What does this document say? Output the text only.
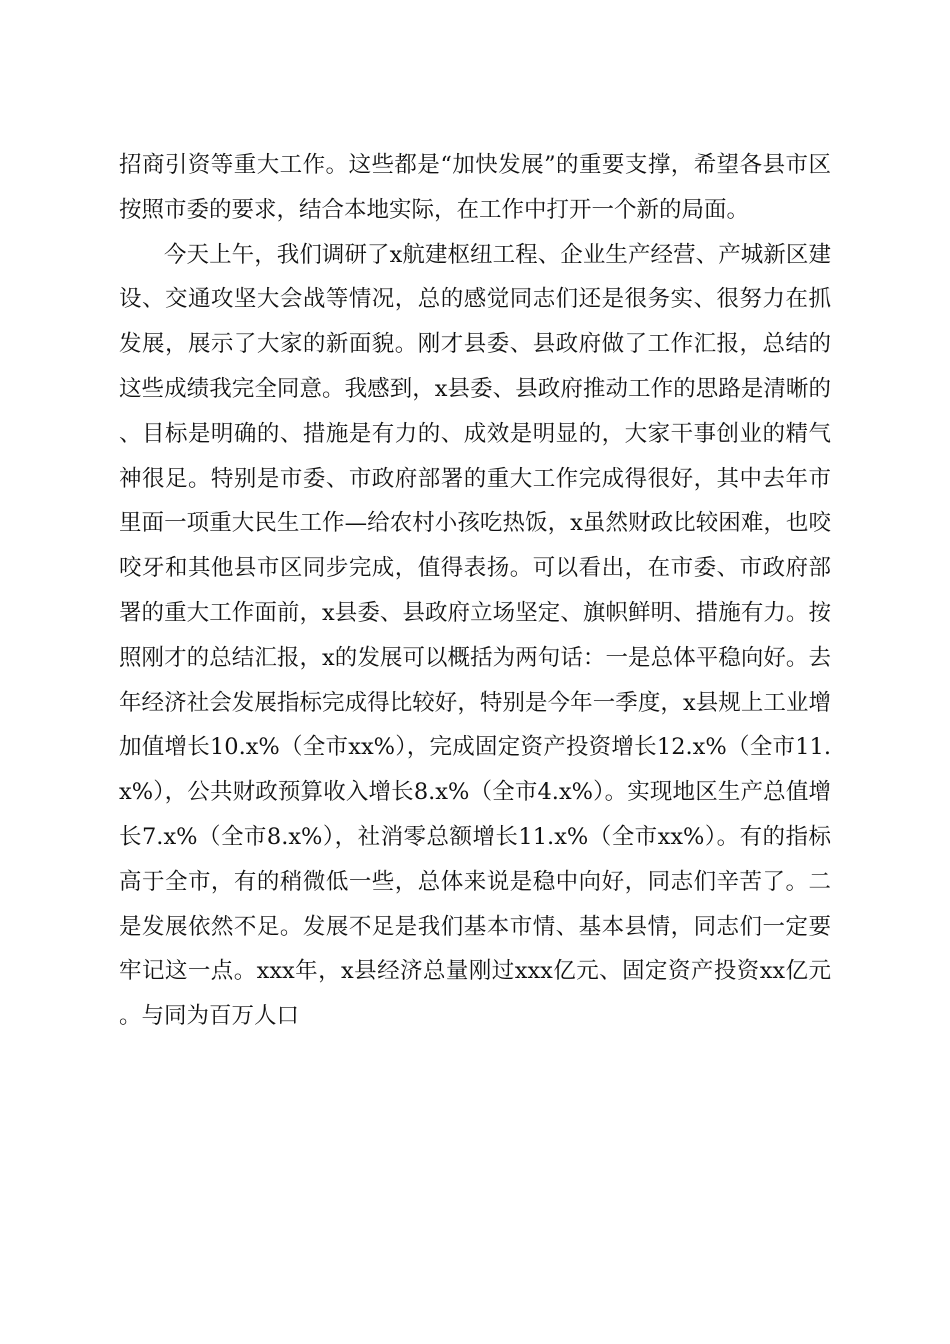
招商引资等重大工作。这些都是“加快发展”的重要支撑，希望各县市区按照市委的要求，结合本地实际，在工作中打开一个新的局面。

今天上午，我们调研了x航建枢纽工程、企业生产经营、产城新区建设、交通攻坚大会战等情况，总的感觉同志们还是很务实、很努力在抓发展，展示了大家的新面貌。刚才县委、县政府做了工作汇报，总结的这些成绩我完全同意。我感到，x县委、县政府推动工作的思路是清晰的、目标是明确的、措施是有力的、成效是明显的，大家干事创业的精气神很足。特别是市委、市政府部署的重大工作完成得很好，其中去年市里面一项重大民生工作—给农村小孩吃热饭，x虽然财政比较困难，也咬咬牙和其他县市区同步完成，值得表扬。可以看出，在市委、市政府部署的重大工作面前，x县委、县政府立场坚定、旗帜鲜明、措施有力。按照刚才的总结汇报，x的发展可以概括为两句话：一是总体平稳向好。去年经济社会发展指标完成得比较好，特别是今年一季度，x县规上工业增加值增长10.x%（全市xx%），完成固定资产投资增长12.x%（全市11.x%），公共财政预算收入增长8.x%（全市4.x%）。实现地区生产总值增长7.x%（全市8.x%），社消零总额增长11.x%（全市xx%）。有的指标高于全市，有的稍微低一些，总体来说是稳中向好，同志们辛苦了。二是发展依然不足。发展不足是我们基本市情、基本县情，同志们一定要牢记这一点。xxx年，x县经济总量刚过xxx亿元、固定资产投资xx亿元。与同为百万人口
